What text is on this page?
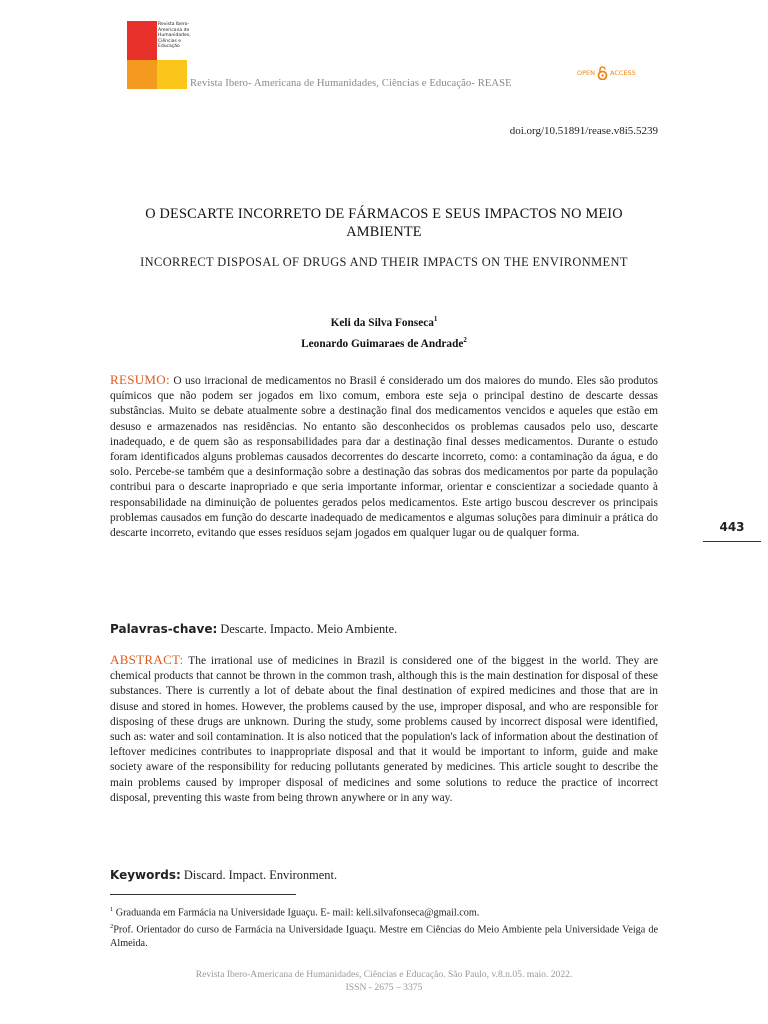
Revista Ibero-
Americana de
Humanidades,
Ciências e
Educação
Revista Ibero- Americana de Humanidades, Ciências e Educação- REASE
OPEN ACCESS
doi.org/10.51891/rease.v8i5.5239
O DESCARTE INCORRETO DE FÁRMACOS E SEUS IMPACTOS NO MEIO AMBIENTE
INCORRECT DISPOSAL OF DRUGS AND THEIR IMPACTS ON THE ENVIRONMENT
Keli da Silva Fonseca$^1$
Leonardo Guimaraes de Andrade$^2$
RESUMO: O uso irracional de medicamentos no Brasil é considerado um dos maiores do mundo. Eles são produtos químicos que não podem ser jogados em lixo comum, embora este seja o principal destino de descarte dessas substâncias. Muito se debate atualmente sobre a destinação final dos medicamentos vencidos e aqueles que estão em desuso e armazenados nas residências. No entanto são desconhecidos os problemas causados pelo uso, descarte inadequado, e de quem são as responsabilidades para dar a destinação final desses medicamentos. Durante o estudo foram identificados alguns problemas causados decorrentes do descarte incorreto, como: a contaminação da água, e do solo. Percebe-se também que a desinformação sobre a destinação das sobras dos medicamentos por parte da população contribui para o descarte inapropriado e que seria importante informar, orientar e conscientizar a sociedade quanto à responsabilidade na diminuição de poluentes gerados pelos medicamentos. Este artigo buscou descrever os principais problemas causados em função do descarte inadequado de medicamentos e algumas soluções para diminuir a prática do descarte incorreto, evitando que esses resíduos sejam jogados em qualquer lugar ou de qualquer forma.
Palavras-chave: Descarte. Impacto. Meio Ambiente.
ABSTRACT: The irrational use of medicines in Brazil is considered one of the biggest in the world. They are chemical products that cannot be thrown in the common trash, although this is the main destination for disposal of these substances. There is currently a lot of debate about the final destination of expired medicines and those that are in disuse and stored in homes. However, the problems caused by the use, improper disposal, and who are responsible for disposing of these drugs are unknown. During the study, some problems caused by incorrect disposal were identified, such as: water and soil contamination. It is also noticed that the population's lack of information about the destination of leftover medicines contributes to inappropriate disposal and that it would be important to inform, guide and make society aware of the responsibility for reducing pollutants generated by medicines. This article sought to describe the main problems caused by improper disposal of medicines and some solutions to reduce the practice of incorrect disposal, preventing this waste from being thrown anywhere or in any way.
Keywords: Discard. Impact. Environment.

$^1$ Graduanda em Farmácia na Universidade Iguaçu. E- mail: keli.silvafonseca@gmail.com.

$^2$Prof. Orientador do curso de Farmácia na Universidade Iguaçu. Mestre em Ciências do Meio Ambiente pela Universidade Veiga de Almeida.

443
Revista Ibero-Americana de Humanidades, Ciências e Educação. São Paulo, v.8.n.05. maio. 2022.
ISSN - 2675 – 3375
